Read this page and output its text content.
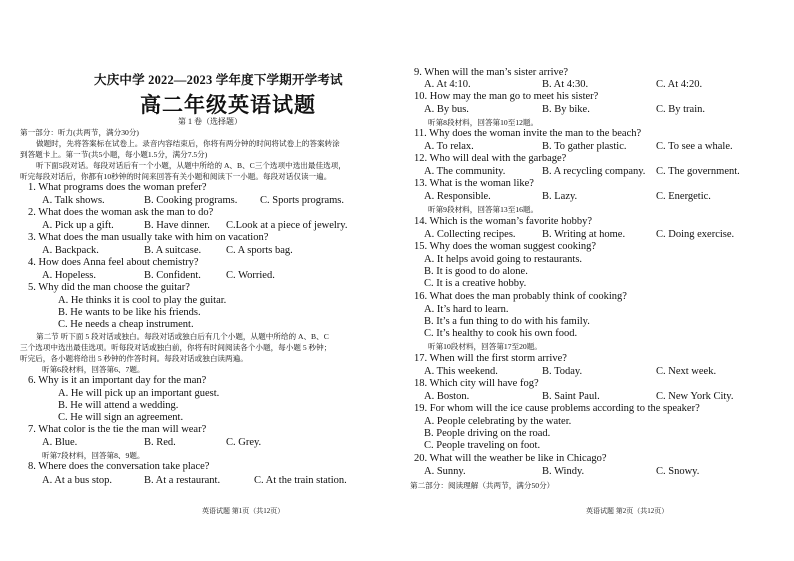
大庆中学 2022—2023 学年度下学期开学考试
高二年级英语试题
第 1 卷（选择题）
第一部分：听力(共两节，满分30分)
做题时，先将答案标在试卷上。录音内容结束后，你将有两分钟的时间将试卷上的答案转涂
到答题卡上。第一节(共5小题，每小题1.5分，满分7.5分)
听下面5段对话。每段对话后有一个小题，从题中所给的 A、B、C三个选项中选出最佳选项，
听完每段对话后，你都有10秒钟的时间来回答有关小题和阅读下一小题。每段对话仅读一遍。
1. What programs does the woman prefer?
A. Talk shows.	B. Cooking programs. C. Sports programs.
2. What does the woman ask the man to do?
A. Pick up a gift.	B. Have dinner. C.Look at a piece of jewelry.
3. What does the man usually take with him on vacation?
A. Backpack.	B. A suitcase. C. A sports bag.
4. How does Anna feel about chemistry?
A. Hopeless.	B. Confident. C. Worried.
5. Why did the man choose the guitar?
A. He thinks it is cool to play the guitar.
B. He wants to be like his friends.
C. He needs a cheap instrument.
第二节 听下面 5 段对话或独白。每段对话或独白后有几个小题，从题中所给的 A、B、C
三个选项中选出最佳选项。听每段对话或独白前，你将有时间阅读各个小题，每小题 5 秒钟；
听完后，各小题将给出 5 秒钟的作答时间。每段对话或独白读两遍。
听第6段材料，回答第6、7题。
6. Why is it an important day for the man?
A. He will pick up an important guest.
B. He will attend a wedding.
C. He will sign an agreement.
7. What color is the tie the man will wear?
A. Blue.	B. Red.	C. Grey.
听第7段材料，回答第8、9题。
8. Where does the conversation take place?
A. At a bus stop.	B. At a restaurant.	C. At the train station.
英语试题 第1页（共12页）
9. When will the man’s sister arrive?
A. At 4:10.	B. At 4:30.	C. At 4:20.
10. How may the man go to meet his sister?
A. By bus.	B. By bike.	C. By train.
听第8段材料，回答第10至12题。
11. Why does the woman invite the man to the beach?
A. To relax.	B. To gather plastic.	C. To see a whale.
12. Who will deal with the garbage?
A. The community.	B. A recycling company. C. The government.
13. What is the woman like?
A. Responsible.	B. Lazy.	C. Energetic.
听第9段材料，回答第13至16题。
14. Which is the woman’s favorite hobby?
A. Collecting recipes.	B. Writing at home.	C. Doing exercise.
15. Why does the woman suggest cooking?
A. It helps avoid going to restaurants.
B. It is good to do alone.
C. It is a creative hobby.
16. What does the man probably think of cooking?
A. It’s hard to learn.
B. It’s a fun thing to do with his family.
C. It’s healthy to cook his own food.
听第10段材料，回答第17至20题。
17. When will the first storm arrive?
A. This weekend.	B. Today.	C. Next week.
18. Which city will have fog?
A. Boston.	B. Saint Paul.	C. New York City.
19. For whom will the ice cause problems according to the speaker?
A. People celebrating by the water.
B. People driving on the road.
C. People traveling on foot.
20. What will the weather be like in Chicago?
A. Sunny.	B. Windy.	C. Snowy.
第二部分：阅读理解（共两节，满分50分）
英语试题 第2页（共12页）
